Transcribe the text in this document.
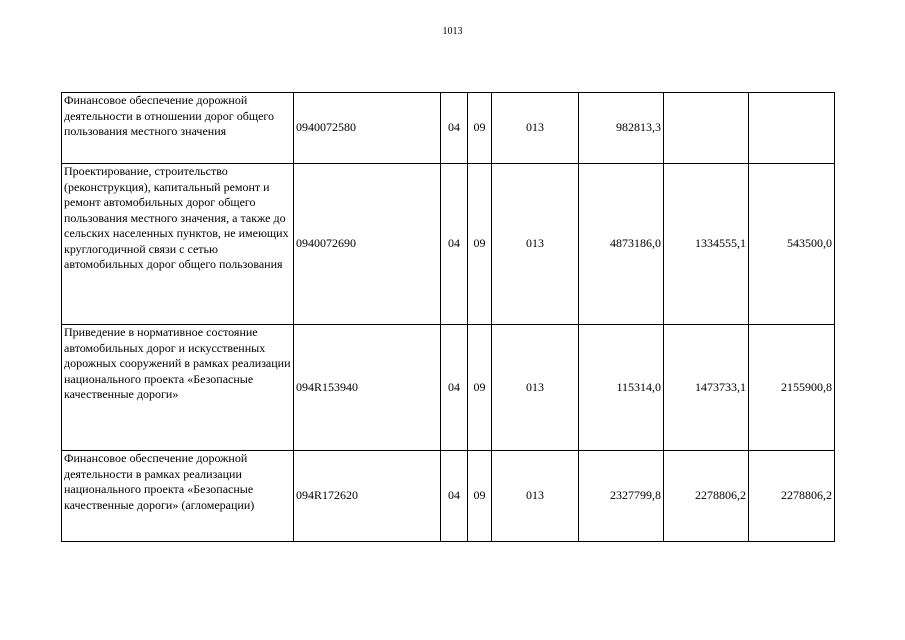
1013
Финансовое обеспечение дорожной деятельности в отношении дорог общего пользования местного значения	0940072580	04	09	013	982813,3		
Проектирование, строительство (реконструкция), капитальный ремонт и ремонт автомобильных дорог общего пользования местного значения, а также до сельских населенных пунктов, не имеющих круглогодичной связи с сетью автомобильных дорог общего пользования	0940072690	04	09	013	4873186,0	1334555,1	543500,0
Приведение в нормативное состояние автомобильных дорог и искусственных дорожных сооружений в рамках реализации национального проекта «Безопасные качественные дороги»	094R153940	04	09	013	115314,0	1473733,1	2155900,8
Финансовое обеспечение дорожной деятельности в рамках реализации национального проекта «Безопасные качественные дороги» (агломерации)	094R172620	04	09	013	2327799,8	2278806,2	2278806,2
